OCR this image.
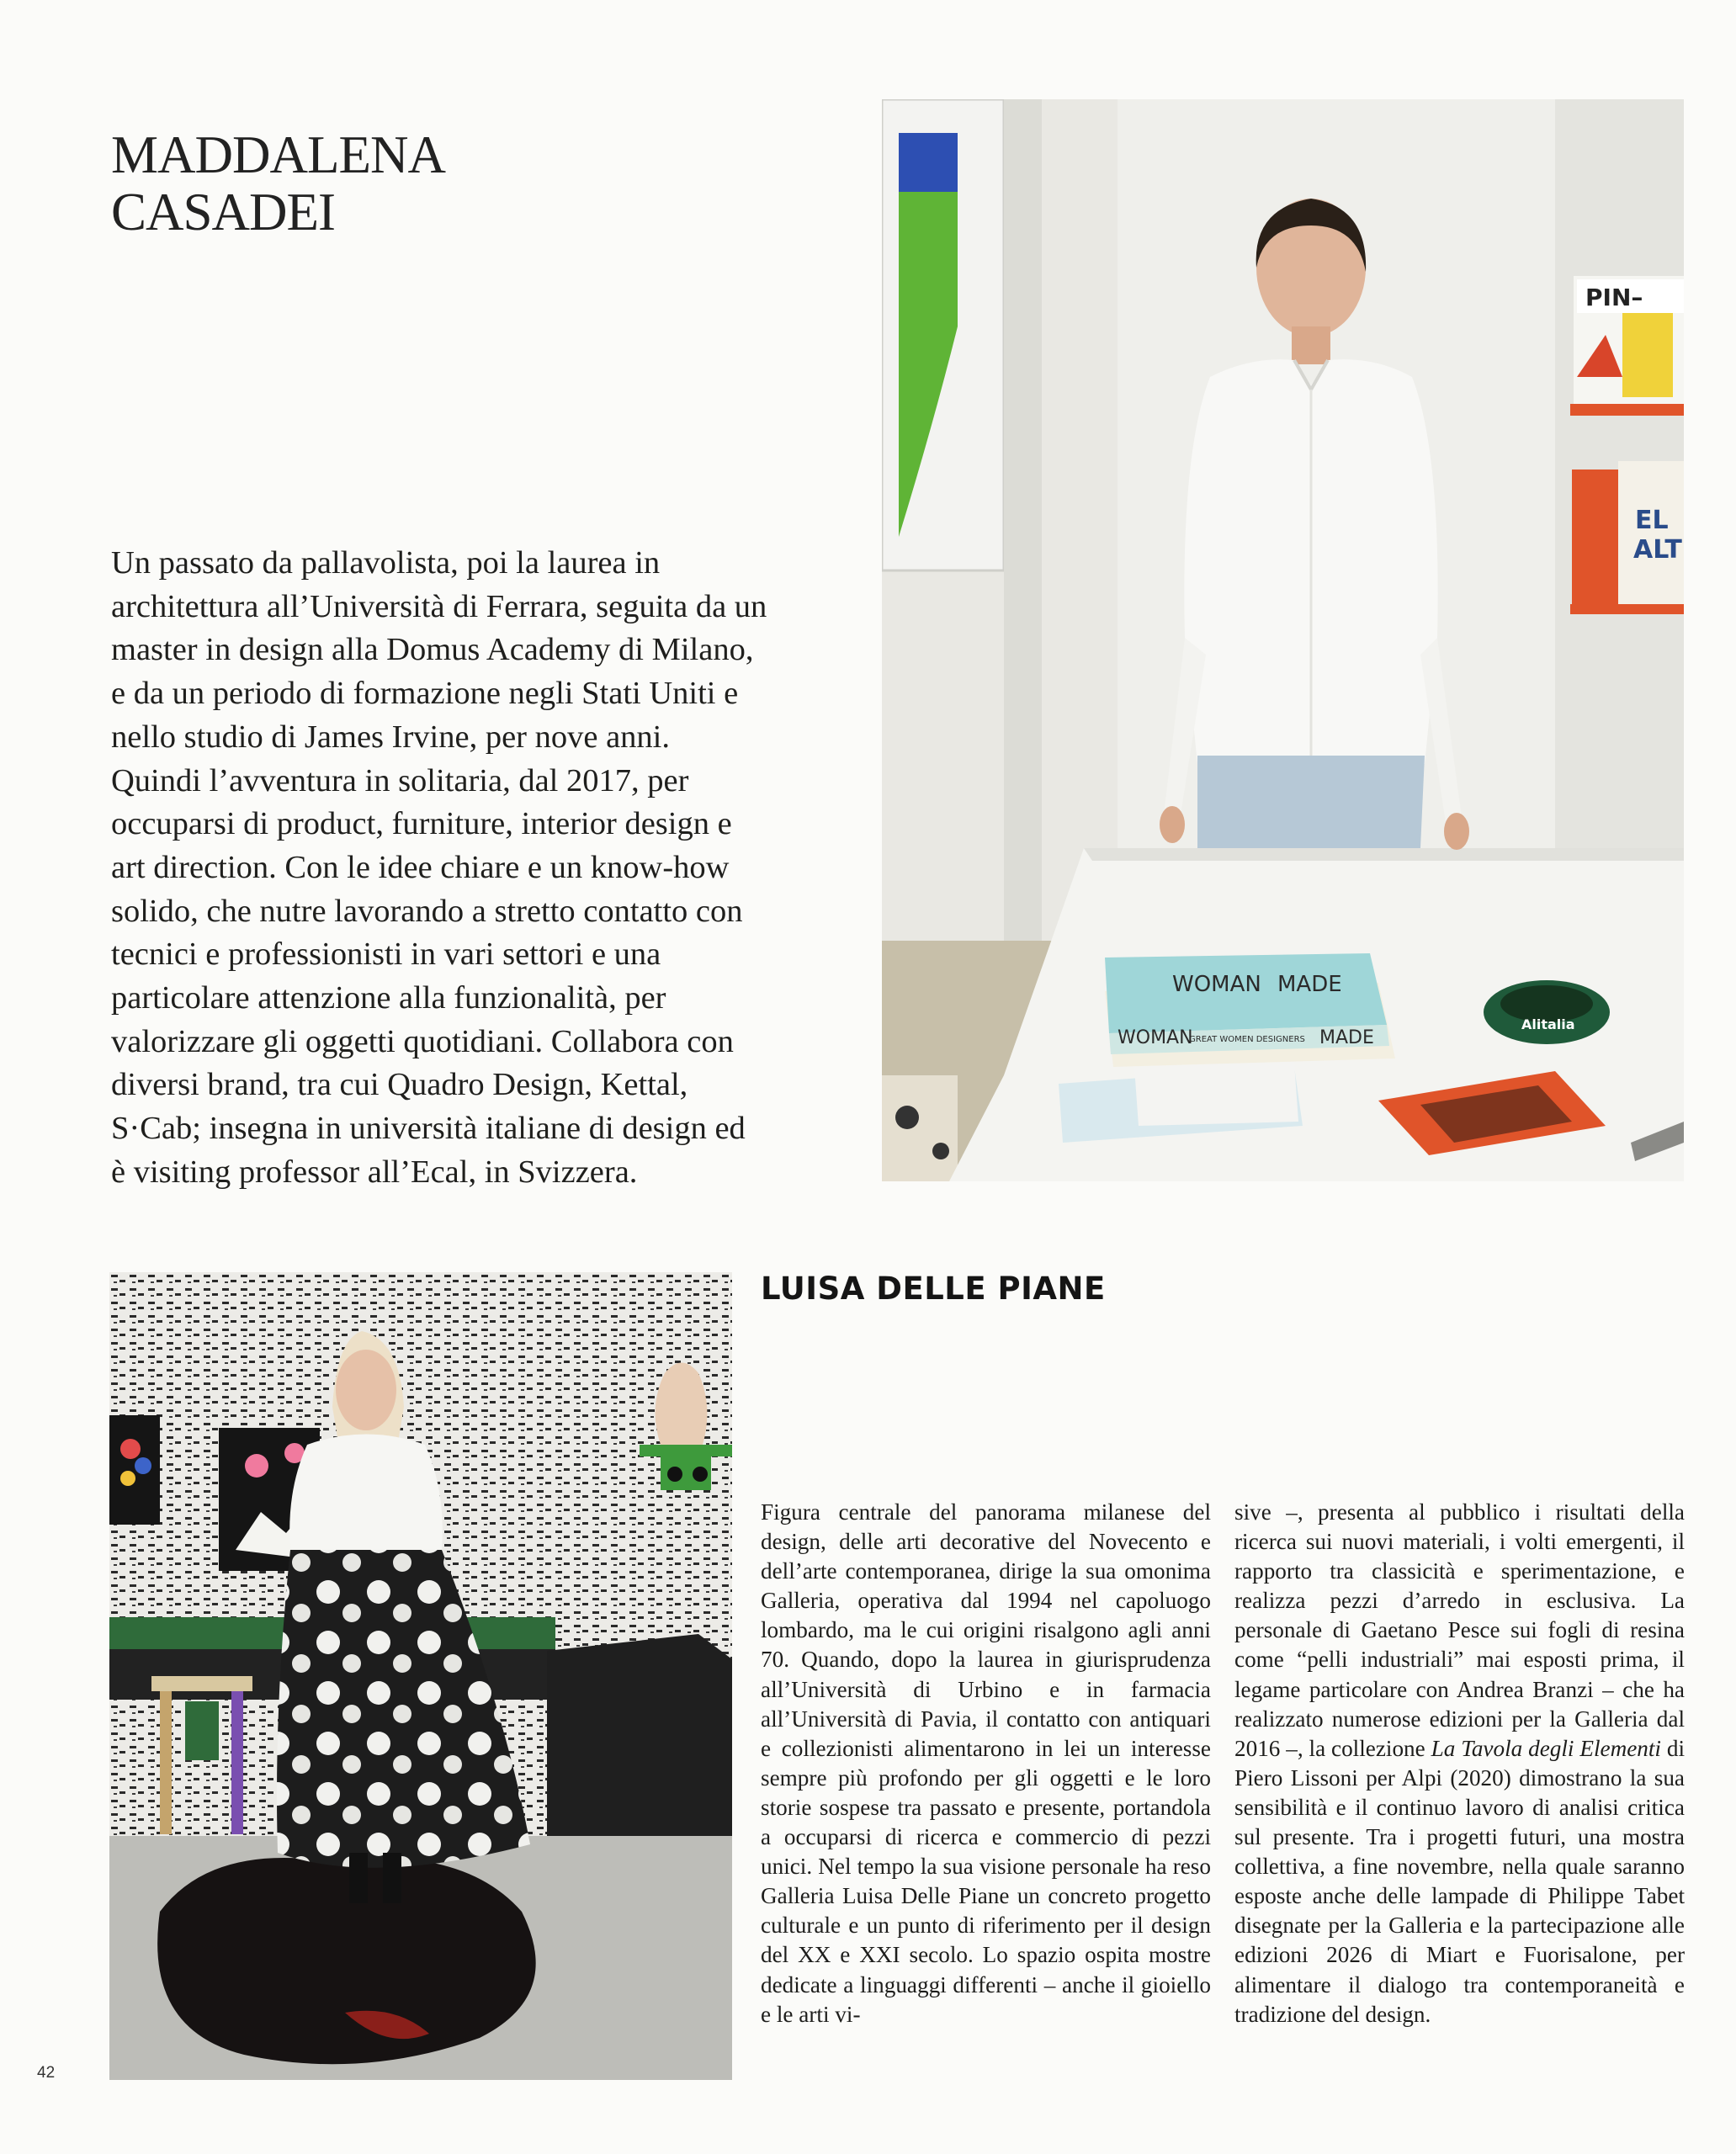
MADDALENA
CASADEI
Un passato da pallavolista, poi la laurea in architettura all’Università di Ferrara, seguita da un master in design alla Domus Academy di Milano, e da un periodo di formazione negli Stati Uniti e nello studio di James Irvine, per nove anni. Quindi l’avventura in solitaria, dal 2017, per occuparsi di product, furniture, interior design e art direction. Con le idee chiare e un know-how solido, che nutre lavorando a stretto contatto con tecnici e professionisti in vari settori e una particolare attenzione alla funzionalità, per valorizzare gli oggetti quotidiani. Collabora con diversi brand, tra cui Quadro Design, Kettal, S·Cab; insegna in università italiane di design ed è visiting professor all’Ecal, in Svizzera.
PIN–
EL
ALT
WOMAN MADE
WOMAN
GREAT WOMEN DESIGNERS MADE
Alitalia
LUISA DELLE PIANE

Figura centrale del panorama milanese del design, delle arti decorative del Novecento e dell’arte contemporanea, dirige la sua omonima Galleria, operativa dal 1994 nel capoluogo lombardo, ma le cui origini risalgono agli anni 70. Quando, dopo la laurea in giurisprudenza all’Università di Urbino e in farmacia all’Università di Pavia, il contatto con antiquari e collezionisti alimentarono in lei un interesse sempre più profondo per gli oggetti e le loro storie sospese tra passato e presente, portandola a occuparsi di ricerca e commercio di pezzi unici. Nel tempo la sua visione personale ha reso Galleria Luisa Delle Piane un concreto progetto culturale e un punto di riferimento per il design del XX e XXI secolo. Lo spazio ospita mostre dedicate a linguaggi differenti – anche il gioiello e le arti vi-

sive –, presenta al pubblico i risultati della ricerca sui nuovi materiali, i volti emergenti, il rapporto tra classicità e sperimentazione, e realizza pezzi d’arredo in esclusiva. La personale di Gaetano Pesce sui fogli di resina come “pelli industriali” mai esposti prima, il legame particolare con Andrea Branzi – che ha realizzato numerose edizioni per la Galleria dal 2016 –, la collezione La Tavola degli Elementi di Piero Lissoni per Alpi (2020) dimostrano la sua sensibilità e il continuo lavoro di analisi critica sul presente. Tra i progetti futuri, una mostra collettiva, a fine novembre, nella quale saranno esposte anche delle lampade di Philippe Tabet disegnate per la Galleria e la partecipazione alle edizioni 2026 di Miart e Fuorisalone, per alimentare il dialogo tra contemporaneità e tradizione del design.

42
